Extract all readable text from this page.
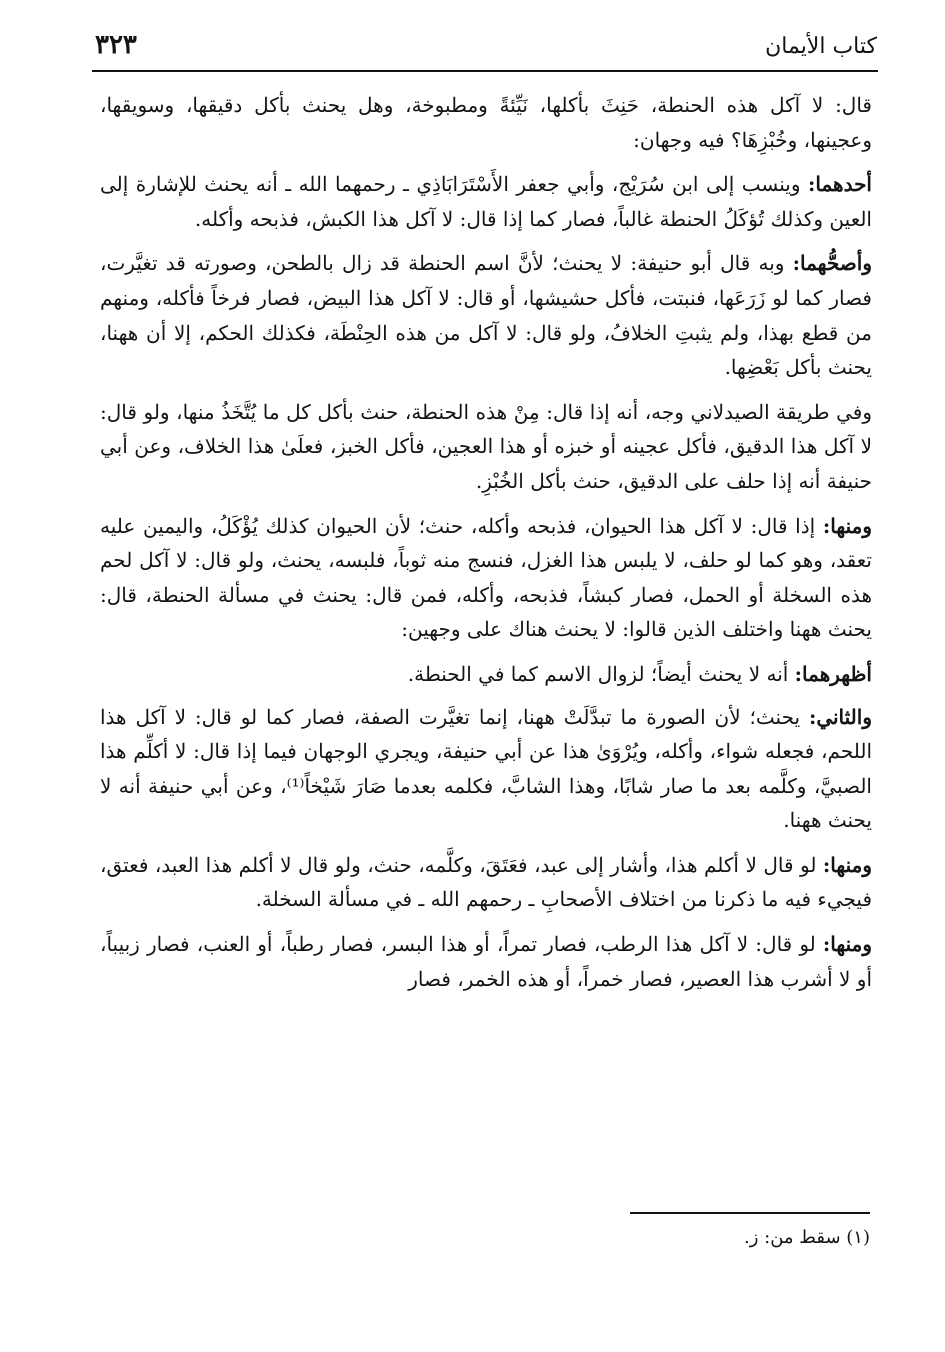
كتاب الأيمان
٣٢٣

قال: لا آكل هذه الحنطة، حَنِثَ بأكلها، نَيِّئةً ومطبوخة، وهل يحنث بأكل دقيقها، وسويقها، وعجينها، وخُبْزِهَا؟ فيه وجهان:

أحدهما: وينسب إلى ابن سُرَيْج، وأبي جعفر الأَسْتَرَابَاذِي ـ رحمهما الله ـ أنه يحنث للإشارة إلى العين وكذلك تُؤكَلُ الحنطة غالباً، فصار كما إذا قال: لا آكل هذا الكبش، فذبحه وأكله.

وأصحُّهما: وبه قال أبو حنيفة: لا يحنث؛ لأنَّ اسم الحنطة قد زال بالطحن، وصورته قد تغيَّرت، فصار كما لو زَرَعَها، فنبتت، فأكل حشيشها، أو قال: لا آكل هذا البيض، فصار فرخاً فأكله، ومنهم من قطع بهذا، ولم يثبتِ الخلافُ، ولو قال: لا آكل من هذه الحِنْطَة، فكذلك الحكم، إلا أن ههنا، يحنث بأكل بَعْضِها.

وفي طريقة الصيدلاني وجه، أنه إذا قال: مِنْ هذه الحنطة، حنث بأكل كل ما يُتَّخَذُ منها، ولو قال: لا آكل هذا الدقيق، فأكل عجينه أو خبزه أو هذا العجين، فأكل الخبز، فعلَىٰ هذا الخلاف، وعن أبي حنيفة أنه إذا حلف على الدقيق، حنث بأكل الخُبْزِ.

ومنها: إذا قال: لا آكل هذا الحيوان، فذبحه وأكله، حنث؛ لأن الحيوان كذلك يُؤْكَلُ، واليمين عليه تعقد، وهو كما لو حلف، لا يلبس هذا الغزل، فنسج منه ثوباً، فلبسه، يحنث، ولو قال: لا آكل لحم هذه السخلة أو الحمل، فصار كبشاً، فذبحه، وأكله، فمن قال: يحنث في مسألة الحنطة، قال: يحنث ههنا واختلف الذين قالوا: لا يحنث هناك على وجهين:

أظهرهما: أنه لا يحنث أيضاً؛ لزوال الاسم كما في الحنطة.

والثاني: يحنث؛ لأن الصورة ما تبدَّلَتْ ههنا، إنما تغيَّرت الصفة، فصار كما لو قال: لا آكل هذا اللحم، فجعله شواء، وأكله، ويُرْوَىٰ هذا عن أبي حنيفة، ويجري الوجهان فيما إذا قال: لا أكلِّم هذا الصبيَّ، وكلَّمه بعد ما صار شابًا، وهذا الشابَّ، فكلمه بعدما صَارَ شَيْخاً⁽¹⁾، وعن أبي حنيفة أنه لا يحنث ههنا.

ومنها: لو قال لا أكلم هذا، وأشار إلى عبد، فعَتَقَ، وكلَّمه، حنث، ولو قال لا أكلم هذا العبد، فعتق، فيجيء فيه ما ذكرنا من اختلاف الأصحابِ ـ رحمهم الله ـ في مسألة السخلة.

ومنها: لو قال: لا آكل هذا الرطب، فصار تمراً، أو هذا البسر، فصار رطباً، أو العنب، فصار زبيباً، أو لا أشرب هذا العصير، فصار خمراً، أو هذه الخمر، فصار

(١) سقط من: ز.
